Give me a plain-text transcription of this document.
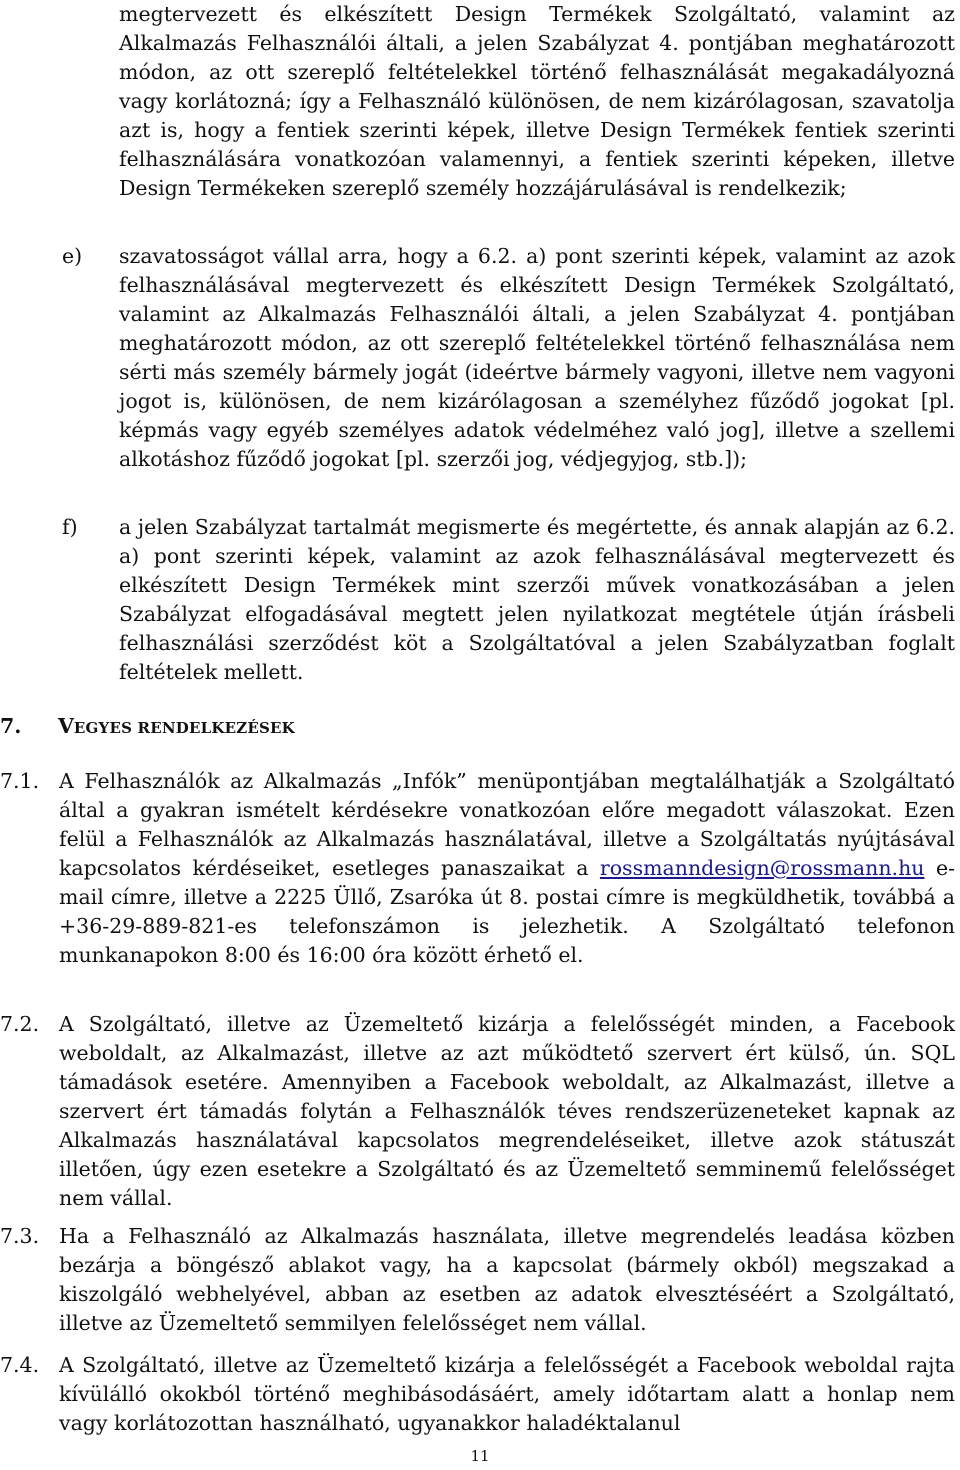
megtervezett és elkészített Design Termékek Szolgáltató, valamint az Alkalmazás Felhasználói általi, a jelen Szabályzat 4. pontjában meghatározott módon, az ott szereplő feltételekkel történő felhasználását megakadályozná vagy korlátozná; így a Felhasználó különösen, de nem kizárólagosan, szavatolja azt is, hogy a fentiek szerinti képek, illetve Design Termékek fentiek szerinti felhasználására vonatkozóan valamennyi, a fentiek szerinti képeken, illetve Design Termékeken szereplő személy hozzájárulásával is rendelkezik;

e)	szavatosságot vállal arra, hogy a 6.2. a) pont szerinti képek, valamint az azok felhasználásával megtervezett és elkészített Design Termékek Szolgáltató, valamint az Alkalmazás Felhasználói általi, a jelen Szabályzat 4. pontjában meghatározott módon, az ott szereplő feltételekkel történő felhasználása nem sérti más személy bármely jogát (ideértve bármely vagyoni, illetve nem vagyoni jogot is, különösen, de nem kizárólagosan a személyhez fűződő jogokat [pl. képmás vagy egyéb személyes adatok védelméhez való jog], illetve a szellemi alkotáshoz fűződő jogokat [pl. szerzői jog, védjegyjog, stb.]);

f)	a jelen Szabályzat tartalmát megismerte és megértette, és annak alapján az 6.2. a) pont szerinti képek, valamint az azok felhasználásával megtervezett és elkészített Design Termékek mint szerzői művek vonatkozásában a jelen Szabályzat elfogadásával megtett jelen nyilatkozat megtétele útján írásbeli felhasználási szerződést köt a Szolgáltatóval a jelen Szabályzatban foglalt feltételek mellett.

7. VEGYES RENDELKEZÉSEK
7.1. A Felhasználók az Alkalmazás „Infók” menüpontjában megtalálhatják a Szolgáltató által a gyakran ismételt kérdésekre vonatkozóan előre megadott válaszokat. Ezen felül a Felhasználók az Alkalmazás használatával, illetve a Szolgáltatás nyújtásával kapcsolatos kérdéseiket, esetleges panaszaikat a rossmanndesign@rossmann.hu e-mail címre, illetve a 2225 Üllő, Zsaróka út 8. postai címre is megküldhetik, továbbá a +36-29-889-821-es telefonszámon is jelezhetik. A Szolgáltató telefonon munkanapokon 8:00 és 16:00 óra között érhető el.

7.2. A Szolgáltató, illetve az Üzemeltető kizárja a felelősségét minden, a Facebook weboldalt, az Alkalmazást, illetve az azt működtető szervert ért külső, ún. SQL támadások esetére. Amennyiben a Facebook weboldalt, az Alkalmazást, illetve a szervert ért támadás folytán a Felhasználók téves rendszerüzeneteket kapnak az Alkalmazás használatával kapcsolatos megrendeléseiket, illetve azok státuszát illetően, úgy ezen esetekre a Szolgáltató és az Üzemeltető semminemű felelősséget nem vállal.

7.3. Ha a Felhasználó az Alkalmazás használata, illetve megrendelés leadása közben bezárja a böngésző ablakot vagy, ha a kapcsolat (bármely okból) megszakad a kiszolgáló webhelyével, abban az esetben az adatok elvesztéséért a Szolgáltató, illetve az Üzemeltető semmilyen felelősséget nem vállal.

7.4. A Szolgáltató, illetve az Üzemeltető kizárja a felelősségét a Facebook weboldal rajta kívülálló okokból történő meghibásodásáért, amely időtartam alatt a honlap nem vagy korlátozottan használható, ugyanakkor haladéktalanul

11
